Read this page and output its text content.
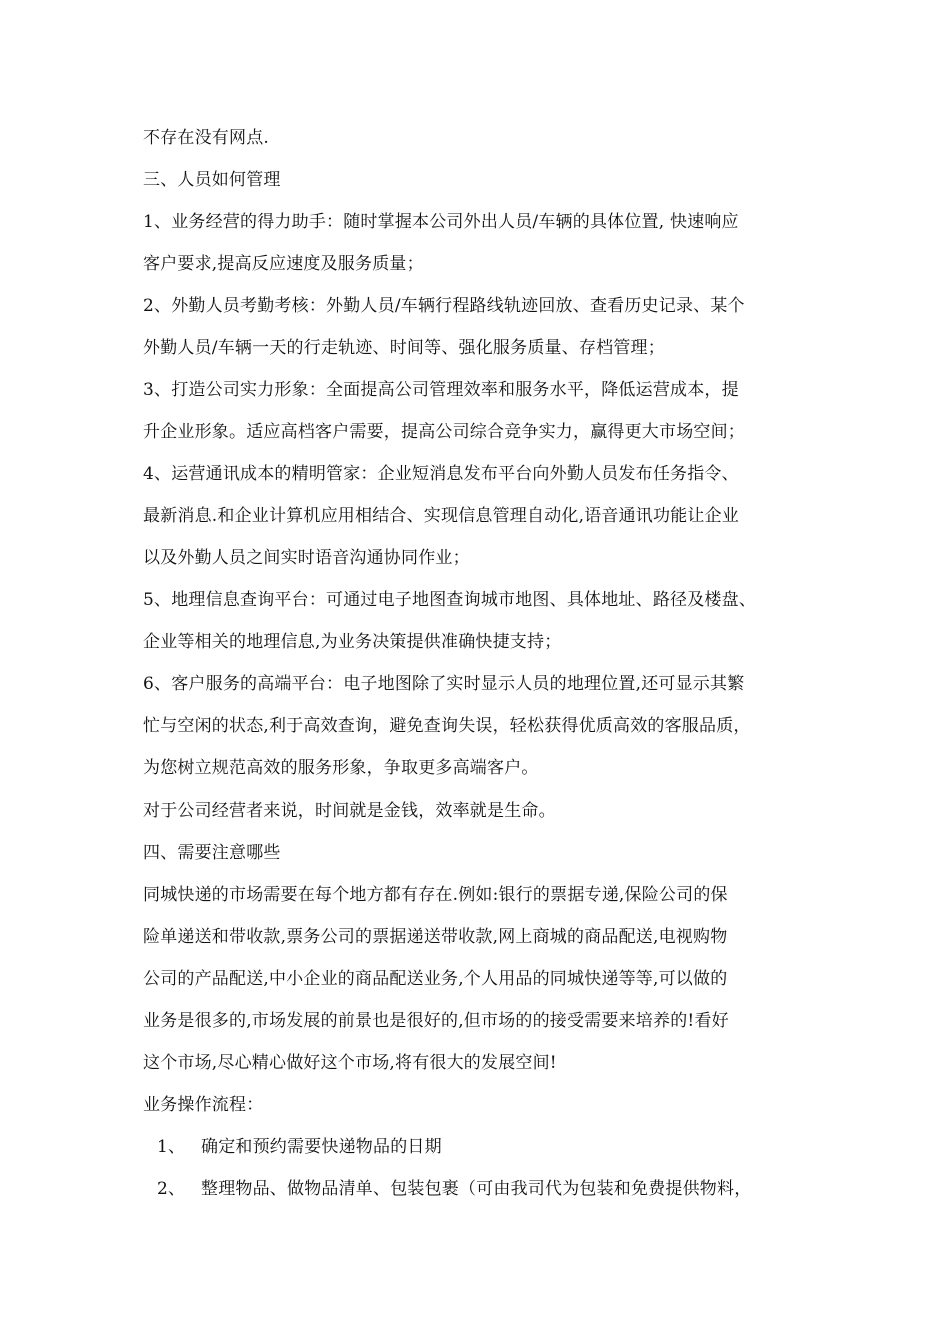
不存在没有网点.
三、人员如何管理
1、业务经营的得力助手：随时掌握本公司外出人员/车辆的具体位置, 快速响应
客户要求,提高反应速度及服务质量；
2、外勤人员考勤考核：外勤人员/车辆行程路线轨迹回放、查看历史记录、某个
外勤人员/车辆一天的行走轨迹、时间等、强化服务质量、存档管理；
3、打造公司实力形象：全面提高公司管理效率和服务水平，降低运营成本，提
升企业形象。适应高档客户需要，提高公司综合竞争实力，赢得更大市场空间；
4、运营通讯成本的精明管家：企业短消息发布平台向外勤人员发布任务指令、
最新消息.和企业计算机应用相结合、实现信息管理自动化,语音通讯功能让企业
以及外勤人员之间实时语音沟通协同作业；
5、地理信息查询平台：可通过电子地图查询城市地图、具体地址、路径及楼盘、
企业等相关的地理信息,为业务决策提供准确快捷支持；
6、客户服务的高端平台：电子地图除了实时显示人员的地理位置,还可显示其繁
忙与空闲的状态,利于高效查询，避免查询失误，轻松获得优质高效的客服品质，
为您树立规范高效的服务形象，争取更多高端客户。
对于公司经营者来说，时间就是金钱，效率就是生命。
四、需要注意哪些
同城快递的市场需要在每个地方都有存在.例如:银行的票据专递,保险公司的保
险单递送和带收款,票务公司的票据递送带收款,网上商城的商品配送,电视购物
公司的产品配送,中小企业的商品配送业务,个人用品的同城快递等等,可以做的
业务是很多的,市场发展的前景也是很好的,但市场的的接受需要来培养的!看好
这个市场,尽心精心做好这个市场,将有很大的发展空间!
业务操作流程：
1、 确定和预约需要快递物品的日期
2、 整理物品、做物品清单、包装包裹（可由我司代为包装和免费提供物料，
